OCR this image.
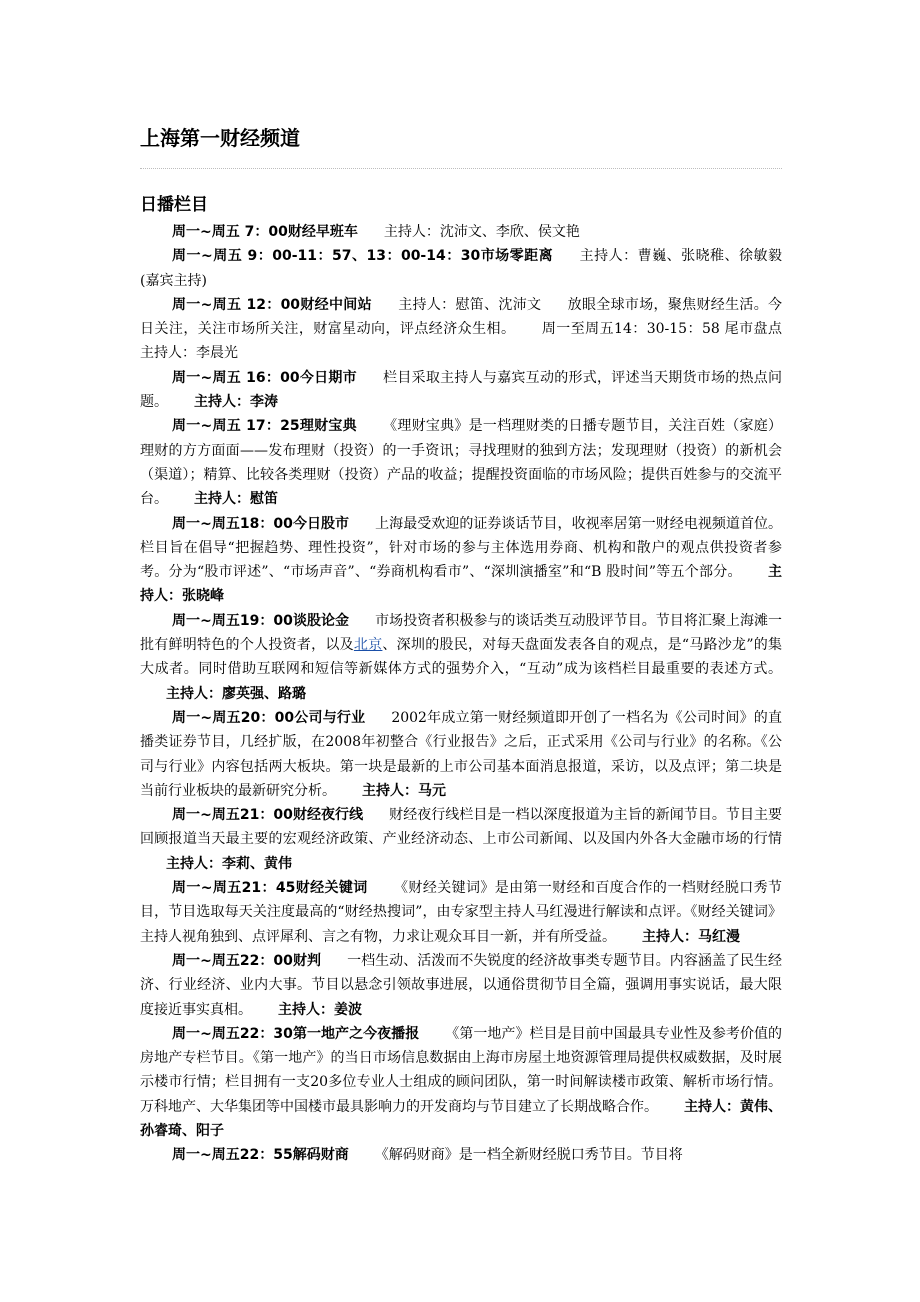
上海第一财经频道
日播栏目

周一~周五 7：00财经早班车 主持人：沈沛文、李欣、侯文艳

周一~周五 9：00-11：57、13：00-14：30市场零距离 主持人：曹巍、张晓稚、徐敏毅(嘉宾主持)

周一~周五 12：00财经中间站 主持人：慰笛、沈沛文 放眼全球市场，聚焦财经生活。今日关注，关注市场所关注，财富星动向，评点经济众生相。 周一至周五14：30-15：58 尾市盘点 主持人：李晨光

周一~周五 16：00今日期市 栏目采取主持人与嘉宾互动的形式，评述当天期货市场的热点问题。 主持人：李涛

周一~周五 17：25理财宝典 《理财宝典》是一档理财类的日播专题节目，关注百姓（家庭）理财的方方面面——发布理财（投资）的一手资讯；寻找理财的独到方法；发现理财（投资）的新机会（渠道）；精算、比较各类理财（投资）产品的收益；提醒投资面临的市场风险；提供百姓参与的交流平台。 主持人：慰笛

周一~周五18：00今日股市 上海最受欢迎的证券谈话节目，收视率居第一财经电视频道首位。栏目旨在倡导“把握趋势、理性投资”，针对市场的参与主体选用券商、机构和散户的观点供投资者参考。分为“股市评述”、“市场声音”、“券商机构看市”、“深圳演播室”和“B 股时间”等五个部分。 主持人：张晓峰

周一~周五19：00谈股论金 市场投资者积极参与的谈话类互动股评节目。节目将汇聚上海滩一批有鲜明特色的个人投资者，以及北京、深圳的股民，对每天盘面发表各自的观点，是“马路沙龙”的集大成者。同时借助互联网和短信等新媒体方式的强势介入，“互动”成为该档栏目最重要的表述方式。主持人：廖英强、路璐

周一~周五20：00公司与行业 2002年成立第一财经频道即开创了一档名为《公司时间》的直播类证券节目，几经扩版，在2008年初整合《行业报告》之后，正式采用《公司与行业》的名称。《公司与行业》内容包括两大板块。第一块是最新的上市公司基本面消息报道，采访，以及点评；第二块是当前行业板块的最新研究分析。 主持人：马元

周一~周五21：00财经夜行线 财经夜行线栏目是一档以深度报道为主旨的新闻节目。节目主要回顾报道当天最主要的宏观经济政策、产业经济动态、上市公司新闻、以及国内外各大金融市场的行情主持人：李莉、黄伟

周一~周五21：45财经关键词 《财经关键词》是由第一财经和百度合作的一档财经脱口秀节目，节目选取每天关注度最高的“财经热搜词”，由专家型主持人马红漫进行解读和点评。《财经关键词》主持人视角独到、点评犀利、言之有物，力求让观众耳目一新，并有所受益。 主持人：马红漫

周一~周五22：00财判 一档生动、活泼而不失锐度的经济故事类专题节目。内容涵盖了民生经济、行业经济、业内大事。节目以悬念引领故事进展，以通俗贯彻节目全篇，强调用事实说话，最大限度接近事实真相。 主持人：姜波

周一~周五22：30第一地产之今夜播报 《第一地产》栏目是目前中国最具专业性及参考价值的房地产专栏节目。《第一地产》的当日市场信息数据由上海市房屋土地资源管理局提供权威数据，及时展示楼市行情；栏目拥有一支20多位专业人士组成的顾问团队，第一时间解读楼市政策、解析市场行情。万科地产、大华集团等中国楼市最具影响力的开发商均与节目建立了长期战略合作。 主持人：黄伟、孙睿琦、阳子

周一~周五22：55解码财商 《解码财商》是一档全新财经脱口秀节目。节目将
